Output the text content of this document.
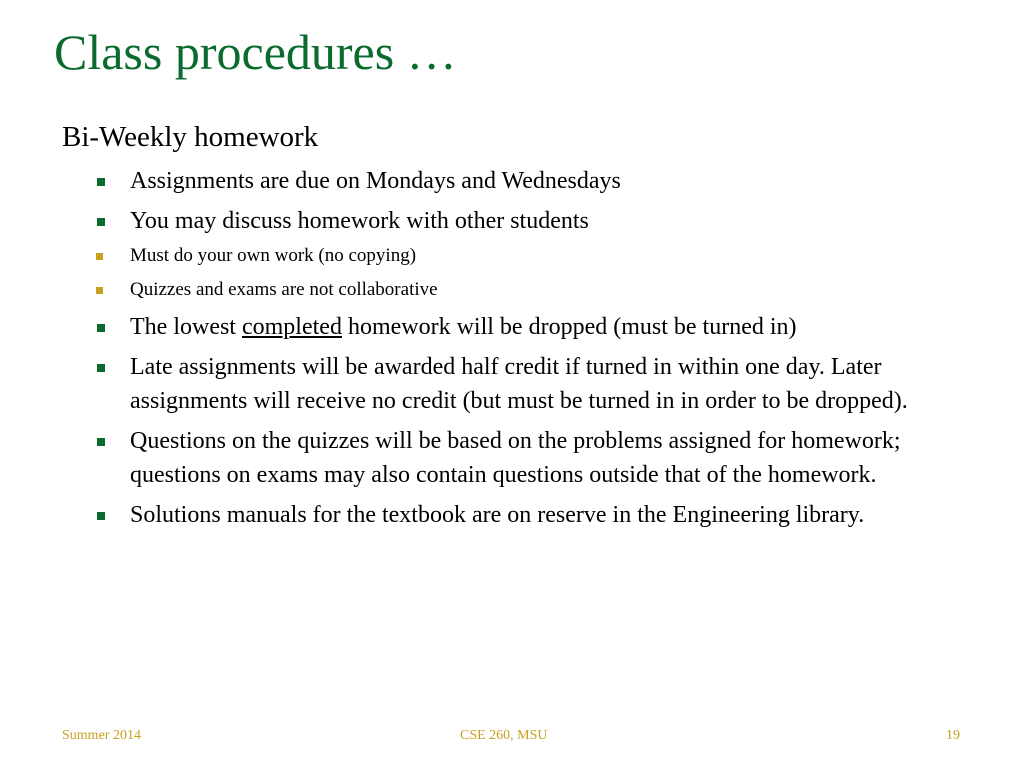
Class procedures …
Bi-Weekly homework
Assignments are due on Mondays and Wednesdays
You may discuss homework with other students
Must do your own work (no copying)
Quizzes and exams are not collaborative
The lowest completed homework will be dropped (must be turned in)
Late assignments will be awarded half credit if turned in within one day. Later assignments will receive no credit (but must be turned in in order to be dropped).
Questions on the quizzes will be based on the problems assigned for homework; questions on exams may also contain questions outside that of the homework.
Solutions manuals for the textbook are on reserve in the Engineering library.
Summer 2014	CSE 260, MSU	19
